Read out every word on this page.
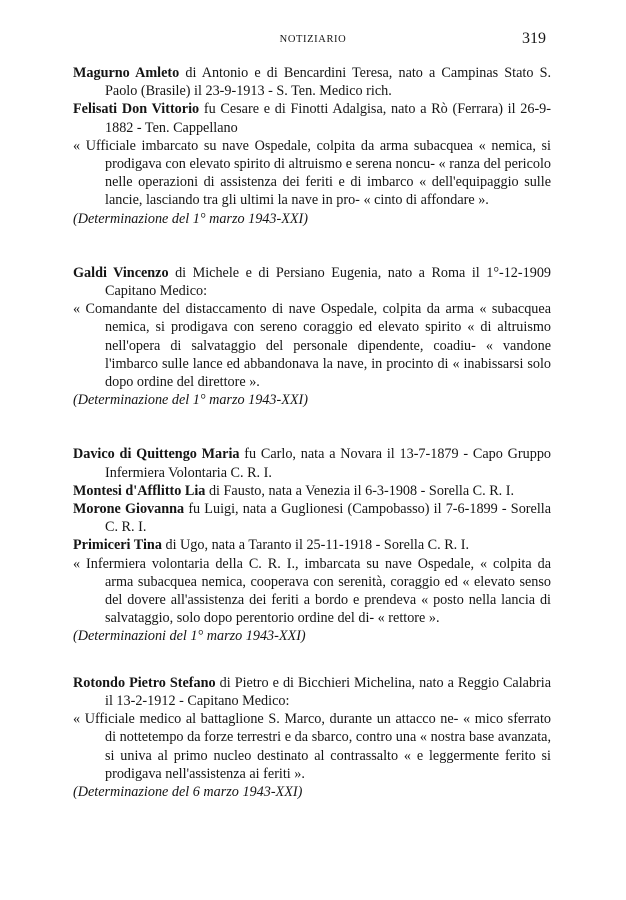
NOTIZIARIO	319

Magurno Amleto di Antonio e di Bencardini Teresa, nato a Campinas Stato S. Paolo (Brasile) il 23-9-1913 - S. Ten. Medico rich.

Felisati Don Vittorio fu Cesare e di Finotti Adalgisa, nato a Rò (Ferrara) il 26-9-1882 - Ten. Cappellano

« Ufficiale imbarcato su nave Ospedale, colpita da arma subacquea « nemica, si prodigava con elevato spirito di altruismo e serena noncu- « ranza del pericolo nelle operazioni di assistenza dei feriti e di imbarco « dell'equipaggio sulle lancie, lasciando tra gli ultimi la nave in pro- « cinto di affondare ».

(Determinazione del 1° marzo 1943-XXI)

Galdi Vincenzo di Michele e di Persiano Eugenia, nato a Roma il 1°-12-1909 Capitano Medico:

« Comandante del distaccamento di nave Ospedale, colpita da arma « subacquea nemica, si prodigava con sereno coraggio ed elevato spirito « di altruismo nell'opera di salvataggio del personale dipendente, coadiu- « vandone l'imbarco sulle lance ed abbandonava la nave, in procinto di « inabissarsi solo dopo ordine del direttore ».

(Determinazione del 1° marzo 1943-XXI)

Davico di Quittengo Maria fu Carlo, nata a Novara il 13-7-1879 - Capo Gruppo Infermiera Volontaria C. R. I.

Montesi d'Afflitto Lia di Fausto, nata a Venezia il 6-3-1908 - Sorella C. R. I.

Morone Giovanna fu Luigi, nata a Guglionesi (Campobasso) il 7-6-1899 - Sorella C. R. I.

Primiceri Tina di Ugo, nata a Taranto il 25-11-1918 - Sorella C. R. I.

« Infermiera volontaria della C. R. I., imbarcata su nave Ospedale, « colpita da arma subacquea nemica, cooperava con serenità, coraggio ed « elevato senso del dovere all'assistenza dei feriti a bordo e prendeva « posto nella lancia di salvataggio, solo dopo perentorio ordine del di- « rettore ».

(Determinazioni del 1° marzo 1943-XXI)

Rotondo Pietro Stefano di Pietro e di Bicchieri Michelina, nato a Reggio Calabria il 13-2-1912 - Capitano Medico:

« Ufficiale medico al battaglione S. Marco, durante un attacco ne- « mico sferrato di nottetempo da forze terrestri e da sbarco, contro una « nostra base avanzata, si univa al primo nucleo destinato al contrassalto « e leggermente ferito si prodigava nell'assistenza ai feriti ».

(Determinazione del 6 marzo 1943-XXI)
